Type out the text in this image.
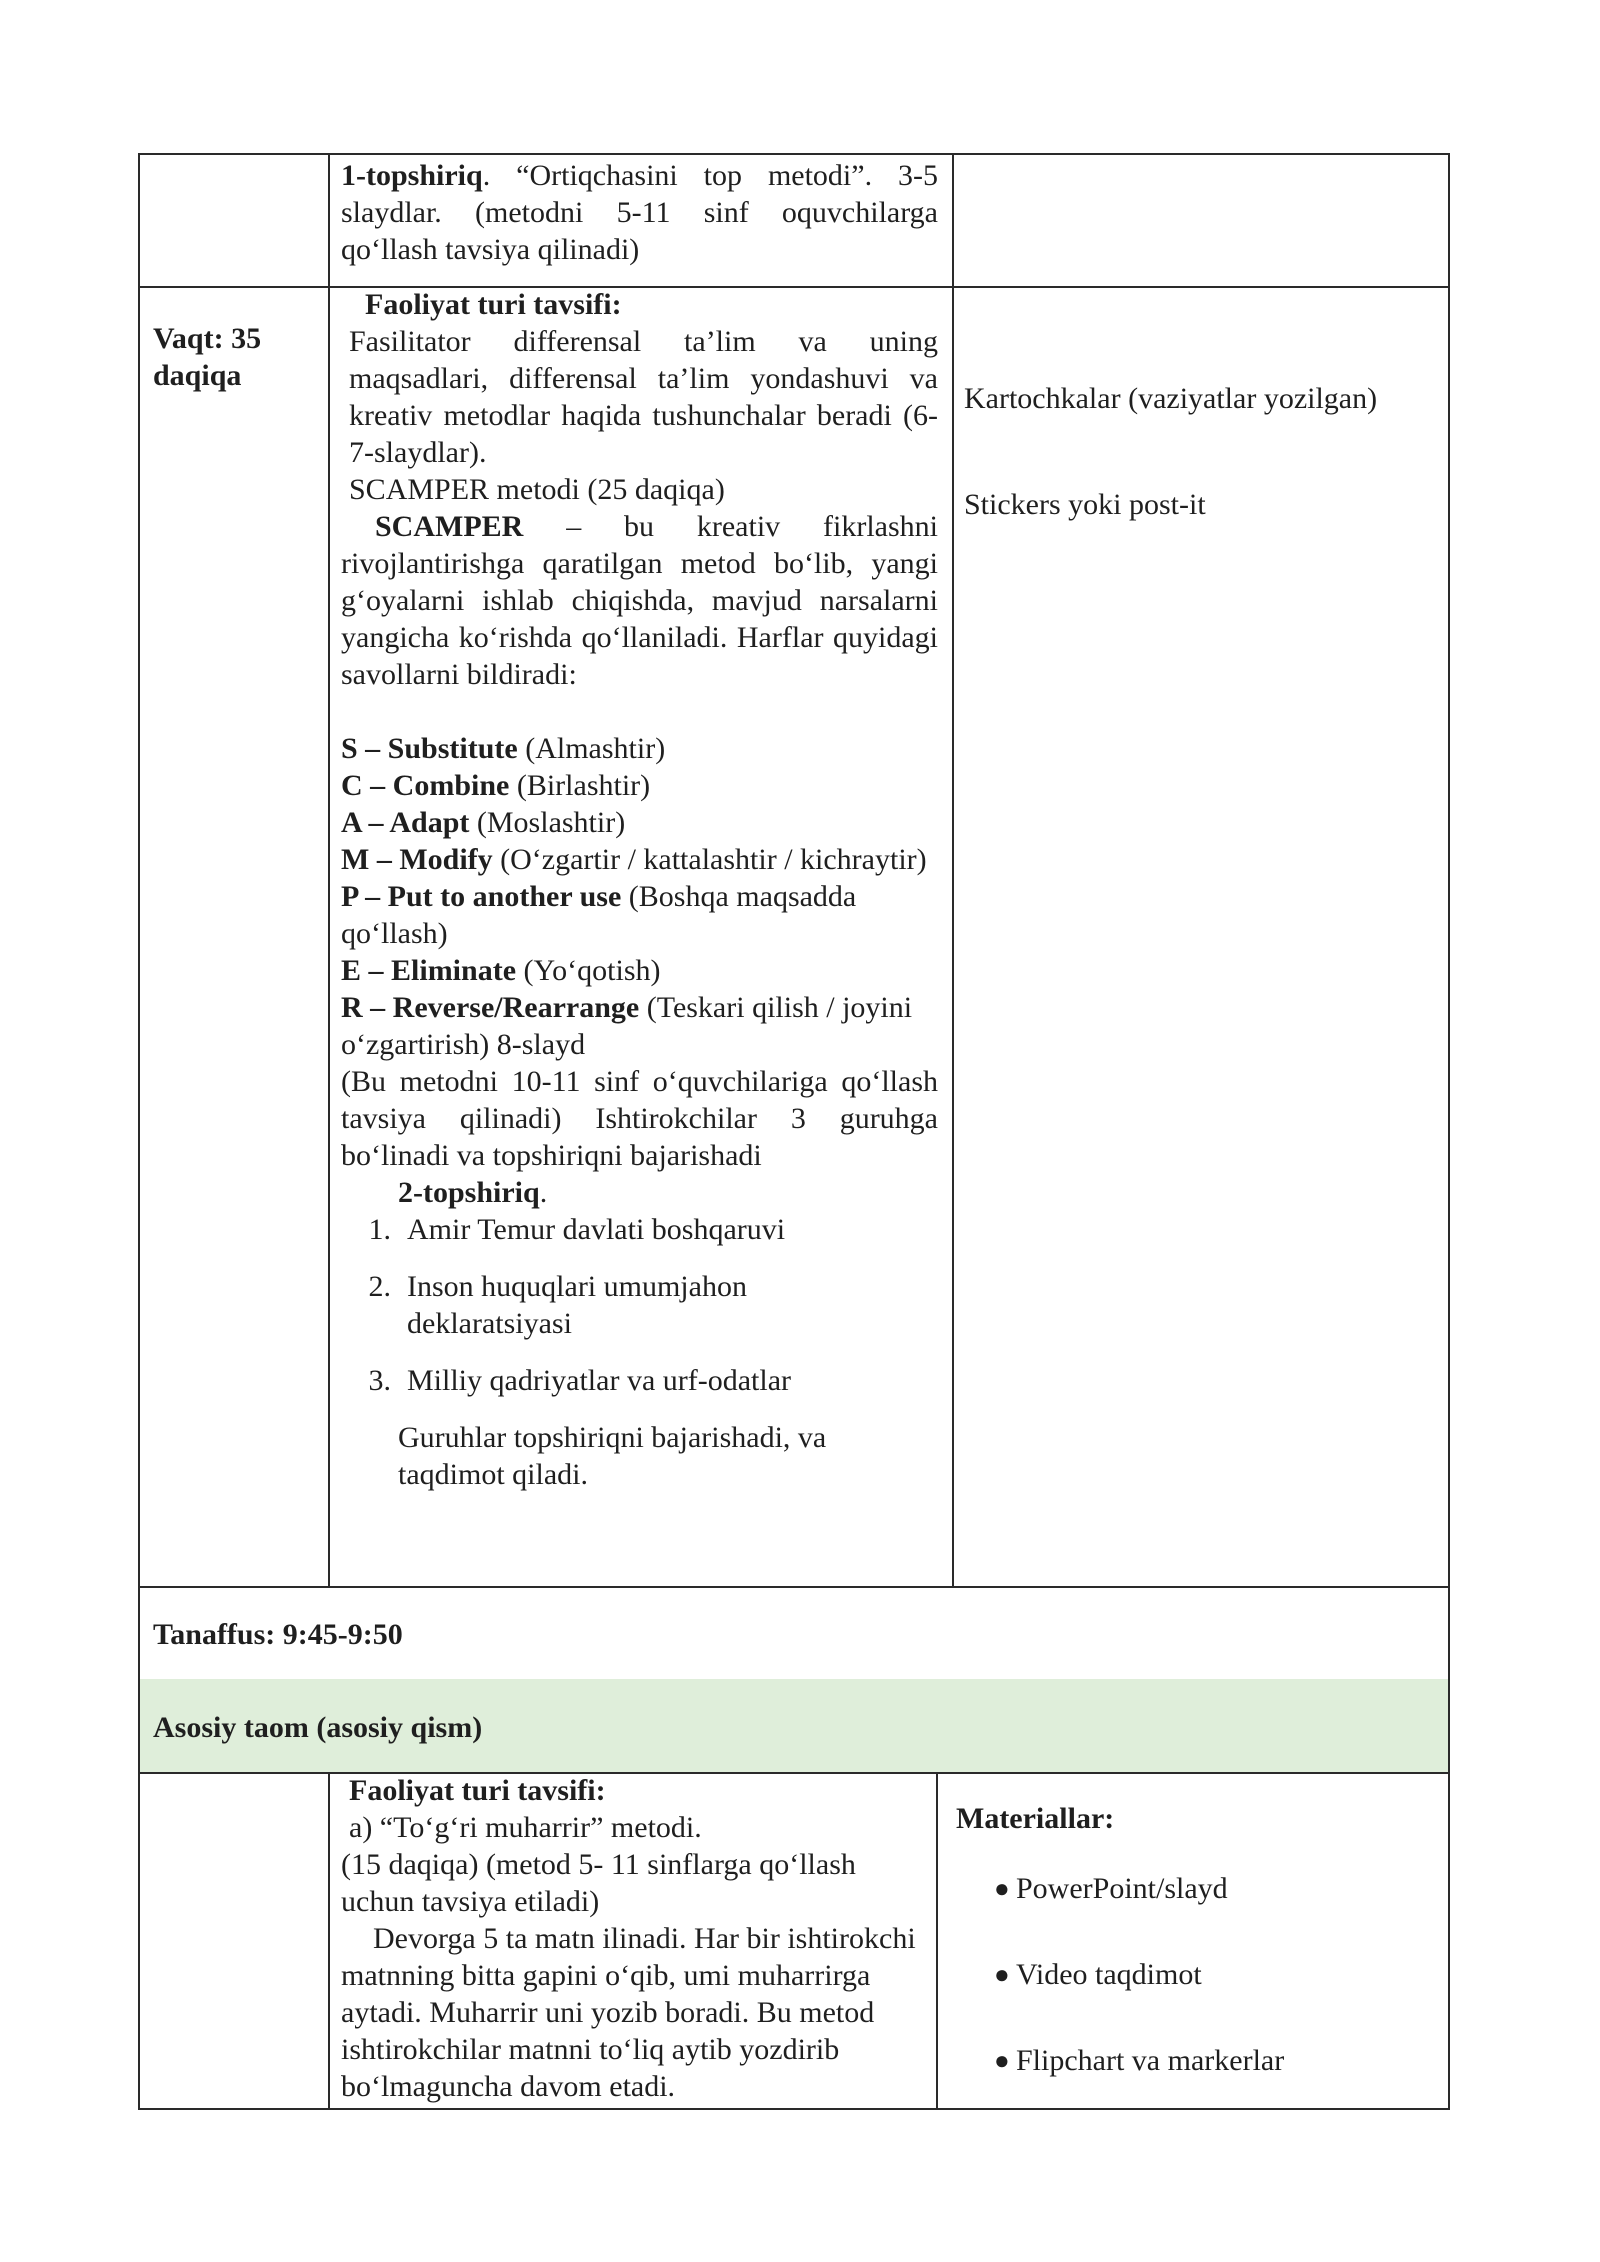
1-topshiriq. “Ortiqchasini top metodi”. 3-5 slaydlar. (metodni 5-11 sinf oquvchilarga qo‘llash tavsiya qilinadi)
Vaqt: 35 daqiqa
Faoliyat turi tavsifi:
Fasilitator differensal ta’lim va uning maqsadlari, differensal ta’lim yondashuvi va kreativ metodlar haqida tushunchalar beradi (6-7-slaydlar).
SCAMPER metodi (25 daqiqa)
SCAMPER – bu kreativ fikrlashni rivojlantirishga qaratilgan metod bo‘lib, yangi g‘oyalarni ishlab chiqishda, mavjud narsalarni yangicha ko‘rishda qo‘llaniladi. Harflar quyidagi savollarni bildiradi:
S – Substitute (Almashtir)
C – Combine (Birlashtir)
A – Adapt (Moslashtir)
M – Modify (O‘zgartir / kattalashtir / kichraytir)
P – Put to another use (Boshqa maqsadda qo‘llash)
E – Eliminate (Yo‘qotish)
R – Reverse/Rearrange (Teskari qilish / joyini o‘zgartirish) 8-slayd
(Bu metodni 10-11 sinf o‘quvchilariga qo‘llash tavsiya qilinadi) Ishtirokchilar 3 guruhga bo‘linadi va topshiriqni bajarishadi
2-topshiriq.
1. Amir Temur davlati boshqaruvi
2. Inson huquqlari umumjahon deklaratsiyasi
3. Milliy qadriyatlar va urf-odatlar
Guruhlar topshiriqni bajarishadi, va taqdimot qiladi.
Kartochkalar (vaziyatlar yozilgan)
Stickers yoki post-it
Tanaffus: 9:45-9:50
Asosiy taom (asosiy qism)
Faoliyat turi tavsifi:
a) “To‘g‘ri muharrir” metodi.
(15 daqiqa) (metod 5- 11 sinflarga qo‘llash uchun tavsiya etiladi)
Devorga 5 ta matn ilinadi. Har bir ishtirokchi matnning bitta gapini o‘qib, umi muharrirga aytadi. Muharrir uni yozib boradi. Bu metod ishtirokchilar matnni to‘liq aytib yozdirib bo‘lmaguncha davom etadi.
Materiallar:
● PowerPoint/slayd
● Video taqdimot
● Flipchart va markerlar
